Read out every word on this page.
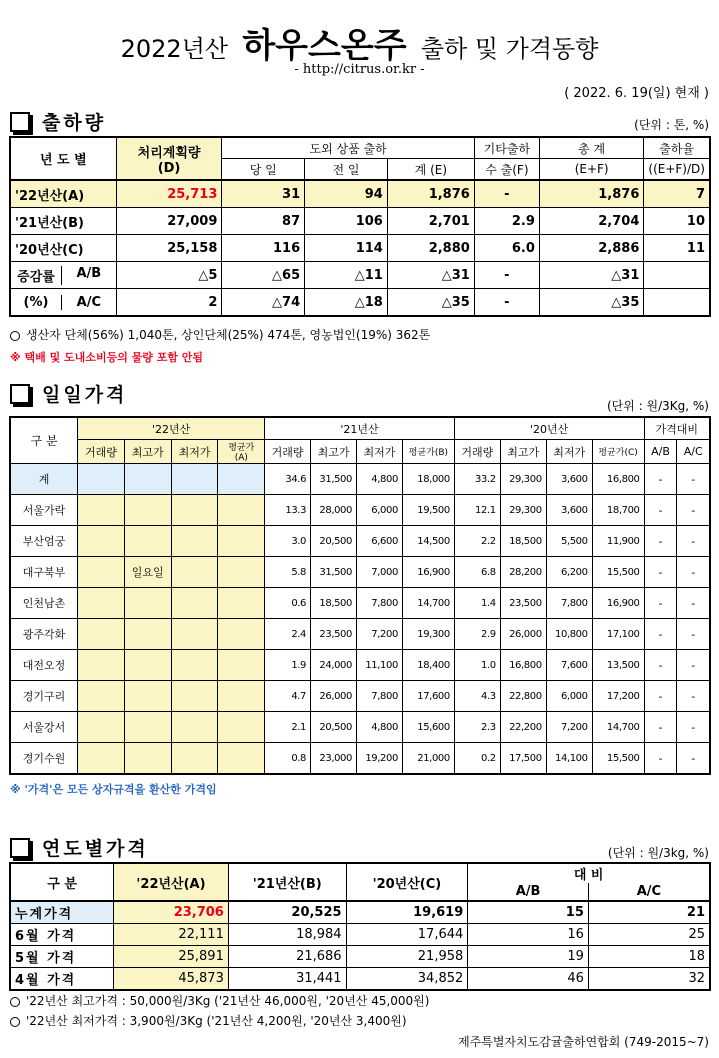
2022년산 하우스온주 출하 및 가격동향
- http://citrus.or.kr -
( 2022. 6. 19(일) 현재 )
출하량	(단위 : 톤, %)
년 도 별	처리계획량
(D)	도외 상품 출하			기타출하	총 계	출하율
		당 일	전 일	계 (E)	수 출(F)	(E+F)	((E+F)/D)
'22년산(A)	25,713	31	94	1,876	-	1,876	7
'21년산(B)	27,009	87	106	2,701	2.9	2,704	10
'20년산(C)	25,158	116	114	2,880	6.0	2,886	11

증감률 A/B	△5	△65	△11	△31	-	△31	

(%) A/C	2	△74	△18	△35	-	△35	
생산자 단체(56%) 1,040톤, 상인단체(25%) 474톤, 영농법인(19%) 362톤
※ 택배 및 도내소비등의 물량 포함 안됨
일일가격	(단위 : 원/3Kg, %)
구 분	'22년산				'21년산				'20년산				가격대비	
	거래량	최고가	최저가	평균가(A)	거래량	최고가	최저가	평균가(B)	거래량	최고가	최저가	평균가(C)	A/B	A/C
계					34.6	31,500	4,800	18,000	33.2	29,300	3,600	16,800	-	-
서울가락					13.3	28,000	6,000	19,500	12.1	29,300	3,600	18,700	-	-
부산엄궁					3.0	20,500	6,600	14,500	2.2	18,500	5,500	11,900	-	-
대구북부		일요일			5.8	31,500	7,000	16,900	6.8	28,200	6,200	15,500	-	-
인천남촌					0.6	18,500	7,800	14,700	1.4	23,500	7,800	16,900	-	-
광주각화					2.4	23,500	7,200	19,300	2.9	26,000	10,800	17,100	-	-
대전오정					1.9	24,000	11,100	18,400	1.0	16,800	7,600	13,500	-	-
경기구리					4.7	26,000	7,800	17,600	4.3	22,800	6,000	17,200	-	-
서울강서					2.1	20,500	4,800	15,600	2.3	22,200	7,200	14,700	-	-
경기수원					0.8	23,000	19,200	21,000	0.2	17,500	14,100	15,500	-	-
※ '가격'은 모든 상자규격을 환산한 가격임
연도별가격	(단위 : 원/3kg, %)
구 분	'22년산(A)	'21년산(B)	'20년산(C)	대 비	
				A/B	A/C
누계가격	23,706	20,525	19,619	15	21
6월 가격	22,111	18,984	17,644	16	25
5월 가격	25,891	21,686	21,958	19	18
4월 가격	45,873	31,441	34,852	46	32
'22년산 최고가격 : 50,000원/3Kg ('21년산 46,000원, '20년산 45,000원)
'22년산 최저가격 : 3,900원/3Kg ('21년산 4,200원, '20년산 3,400원)
제주특별자치도감귤출하연합회 (749-2015~7)
